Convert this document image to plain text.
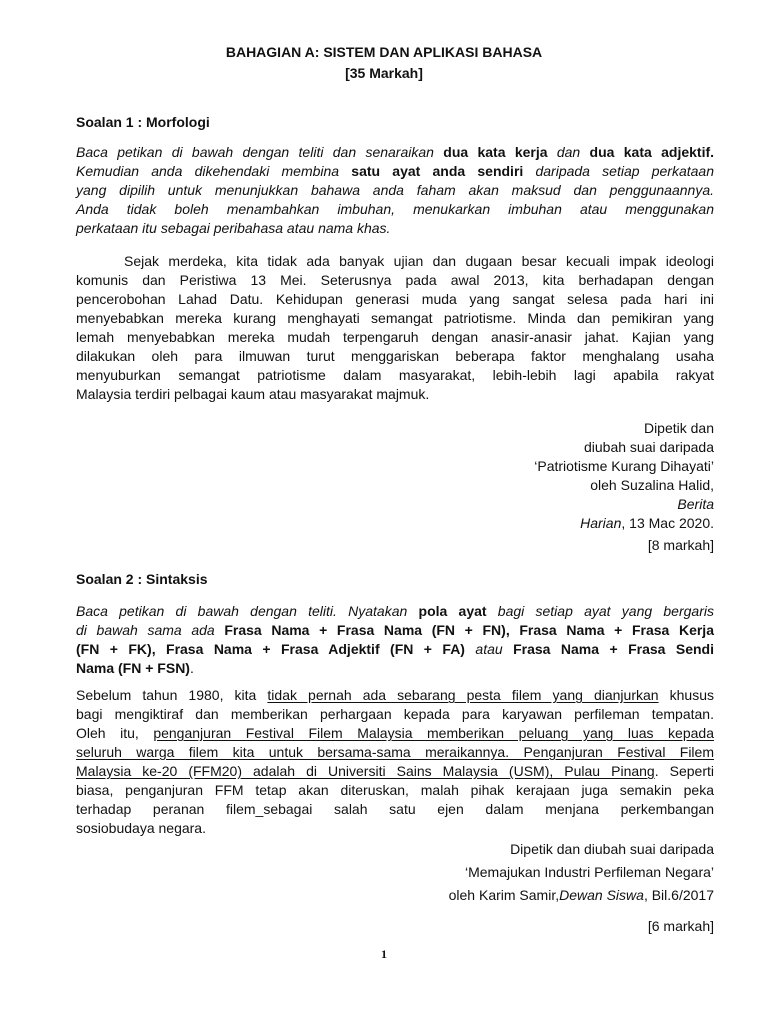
BAHAGIAN A: SISTEM DAN APLIKASI BAHASA
[35 Markah]
Soalan 1 : Morfologi
Baca petikan di bawah dengan teliti dan senaraikan dua kata kerja dan dua kata adjektif.
Kemudian anda dikehendaki membina satu ayat anda sendiri daripada setiap perkataan
yang dipilih untuk menunjukkan bahawa anda faham akan maksud dan penggunaannya.
Anda tidak boleh menambahkan imbuhan, menukarkan imbuhan atau menggunakan
perkataan itu sebagai peribahasa atau nama khas.
Sejak merdeka, kita tidak ada banyak ujian dan dugaan besar kecuali impak ideologi
komunis dan Peristiwa 13 Mei. Seterusnya pada awal 2013, kita berhadapan dengan
pencerobohan Lahad Datu. Kehidupan generasi muda yang sangat selesa pada hari ini
menyebabkan mereka kurang menghayati semangat patriotisme. Minda dan pemikiran yang
lemah menyebabkan mereka mudah terpengaruh dengan anasir-anasir jahat. Kajian yang
dilakukan oleh para ilmuwan turut menggariskan beberapa faktor menghalang usaha
menyuburkan semangat patriotisme dalam masyarakat, lebih-lebih lagi apabila rakyat
Malaysia terdiri pelbagai kaum atau masyarakat majmuk.
Dipetik dan
diubah suai daripada
‘Patriotisme Kurang Dihayati’
oleh Suzalina Halid,
Berita
Harian, 13 Mac 2020.
[8 markah]
Soalan 2 : Sintaksis
Baca petikan di bawah dengan teliti. Nyatakan pola ayat bagi setiap ayat yang bergaris
di bawah sama ada Frasa Nama + Frasa Nama (FN + FN), Frasa Nama + Frasa Kerja
(FN + FK), Frasa Nama + Frasa Adjektif (FN + FA) atau Frasa Nama + Frasa Sendi
Nama (FN + FSN).
Sebelum tahun 1980, kita tidak pernah ada sebarang pesta filem yang dianjurkan khusus
bagi mengiktiraf dan memberikan perhargaan kepada para karyawan perfileman tempatan.
Oleh itu, penganjuran Festival Filem Malaysia memberikan peluang yang luas kepada
seluruh warga filem kita untuk bersama-sama meraikannya. Penganjuran Festival Filem
Malaysia ke-20 (FFM20) adalah di Universiti Sains Malaysia (USM), Pulau Pinang. Seperti
biasa, penganjuran FFM tetap akan diteruskan, malah pihak kerajaan juga semakin peka
terhadap peranan filem_sebagai salah satu ejen dalam menjana perkembangan
sosiobudaya negara.
Dipetik dan diubah suai daripada
‘Memajukan Industri Perfileman Negara’
oleh Karim Samir,Dewan Siswa, Bil.6/2017
[6 markah]
1
